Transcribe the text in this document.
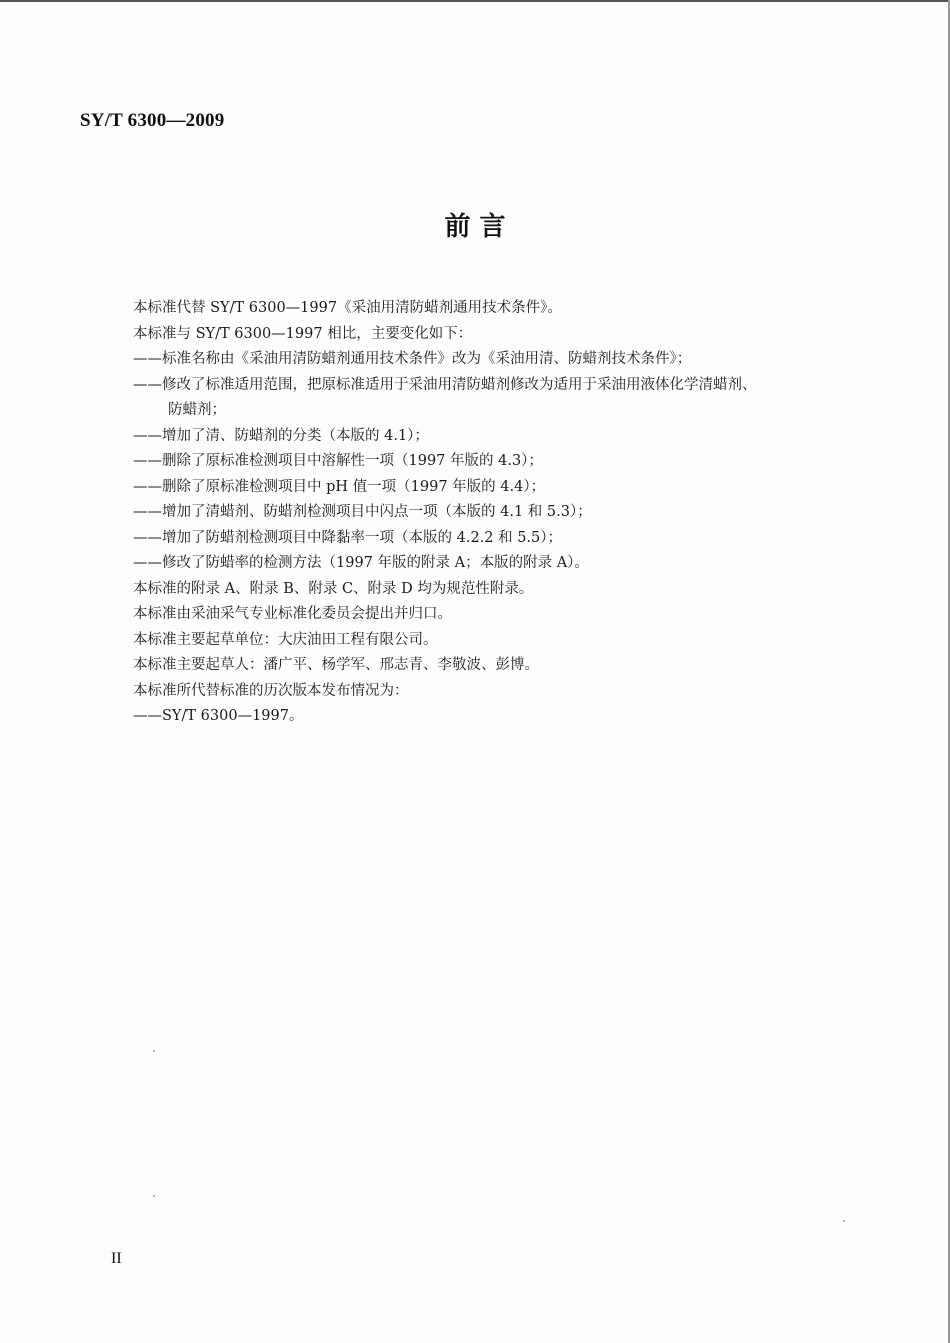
SY/T 6300—2009
前 言
本标准代替 SY/T 6300—1997《采油用清防蜡剂通用技术条件》。
本标准与 SY/T 6300—1997 相比，主要变化如下：
——标准名称由《采油用清防蜡剂通用技术条件》改为《采油用清、防蜡剂技术条件》；
——修改了标准适用范围，把原标准适用于采油用清防蜡剂修改为适用于采油用液体化学清蜡剂、
防蜡剂；
——增加了清、防蜡剂的分类（本版的 4.1）；
——删除了原标准检测项目中溶解性一项（1997 年版的 4.3）；
——删除了原标准检测项目中 pH 值一项（1997 年版的 4.4）；
——增加了清蜡剂、防蜡剂检测项目中闪点一项（本版的 4.1 和 5.3）；
——增加了防蜡剂检测项目中降黏率一项（本版的 4.2.2 和 5.5）；
——修改了防蜡率的检测方法（1997 年版的附录 A；本版的附录 A）。
本标准的附录 A、附录 B、附录 C、附录 D 均为规范性附录。
本标准由采油采气专业标准化委员会提出并归口。
本标准主要起草单位：大庆油田工程有限公司。
本标准主要起草人：潘广平、杨学军、邢志青、李敬波、彭博。
本标准所代替标准的历次版本发布情况为：
——SY/T 6300—1997。
II
